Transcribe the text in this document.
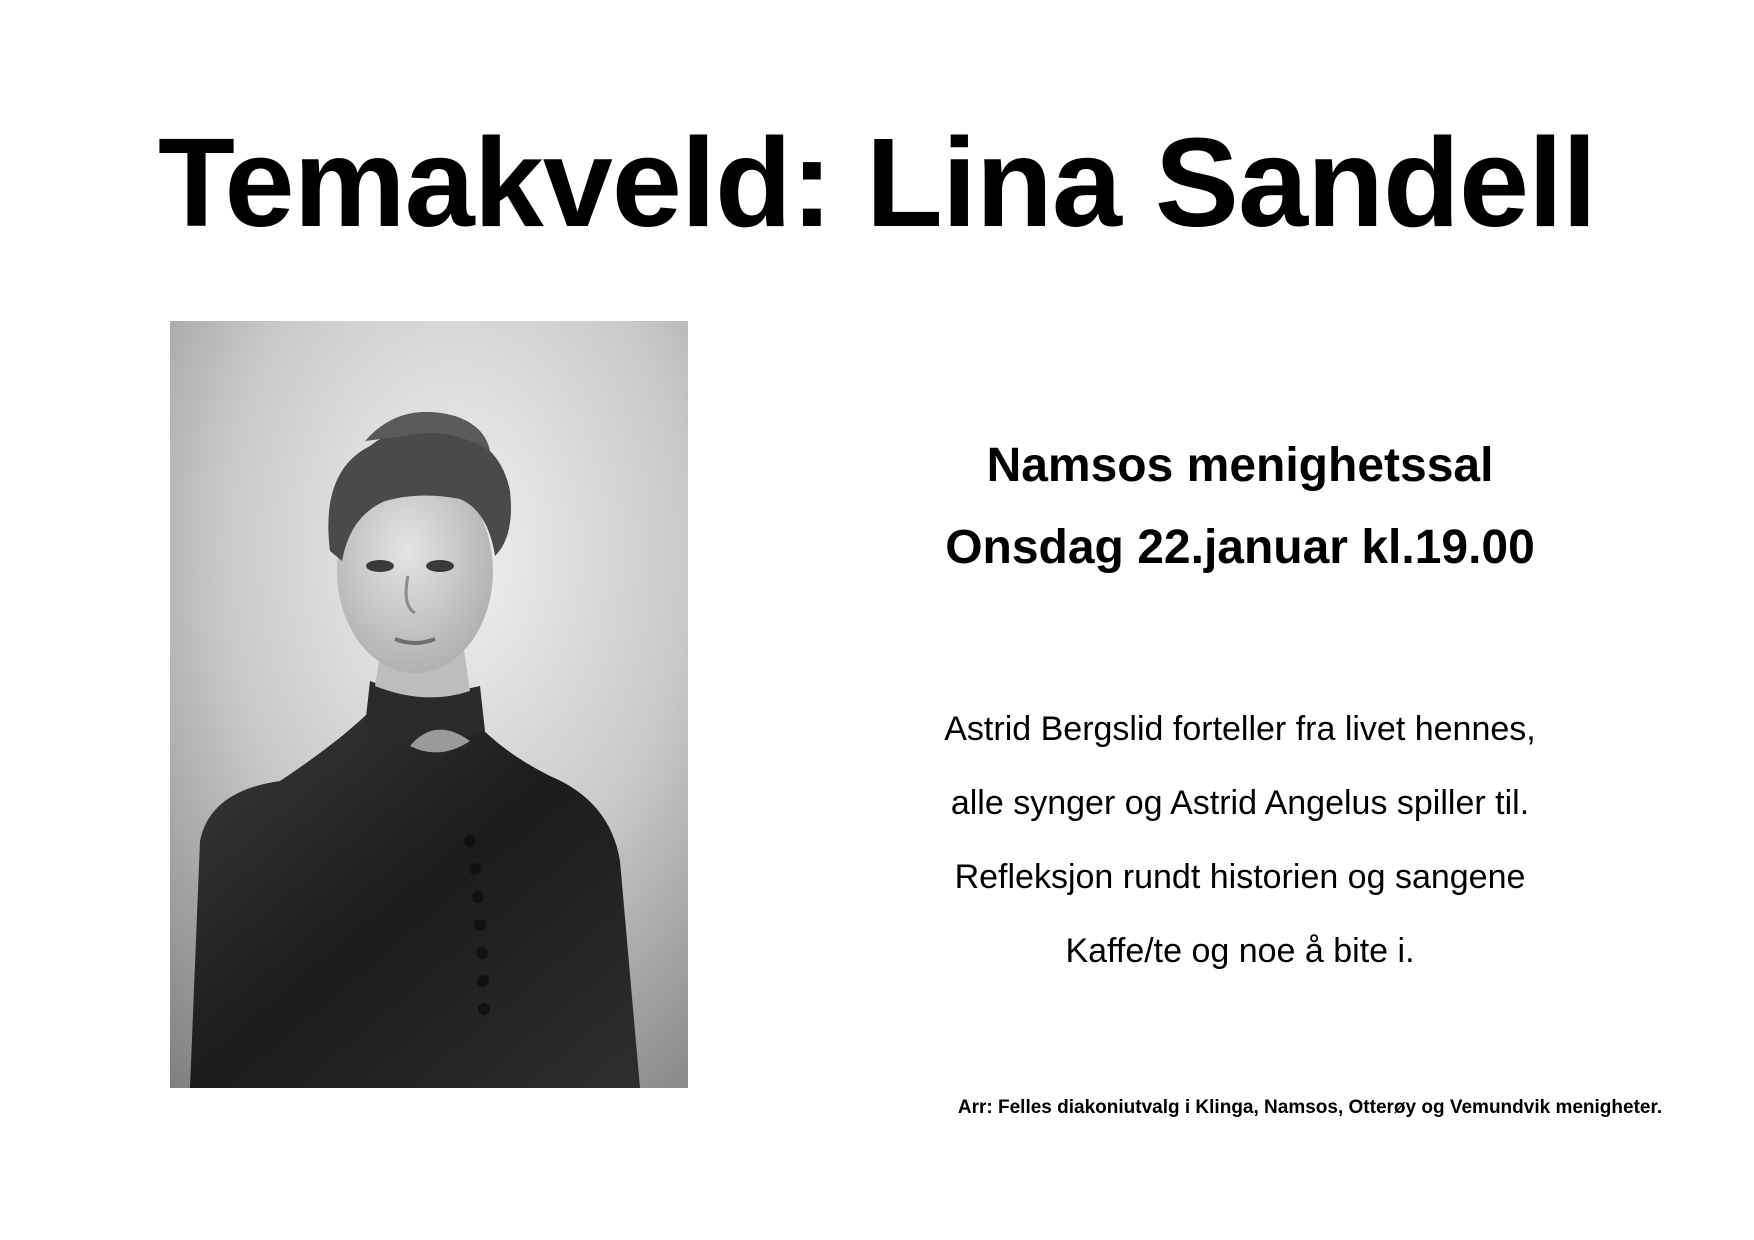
Temakveld: Lina Sandell
Namsos menighetssal
Onsdag 22.januar kl.19.00

Astrid Bergslid forteller fra livet hennes,

alle synger og Astrid Angelus spiller til.

Refleksjon rundt historien og sangene

Kaffe/te og noe å bite i.

Arr: Felles diakoniutvalg i Klinga, Namsos, Otterøy og Vemundvik menigheter.
